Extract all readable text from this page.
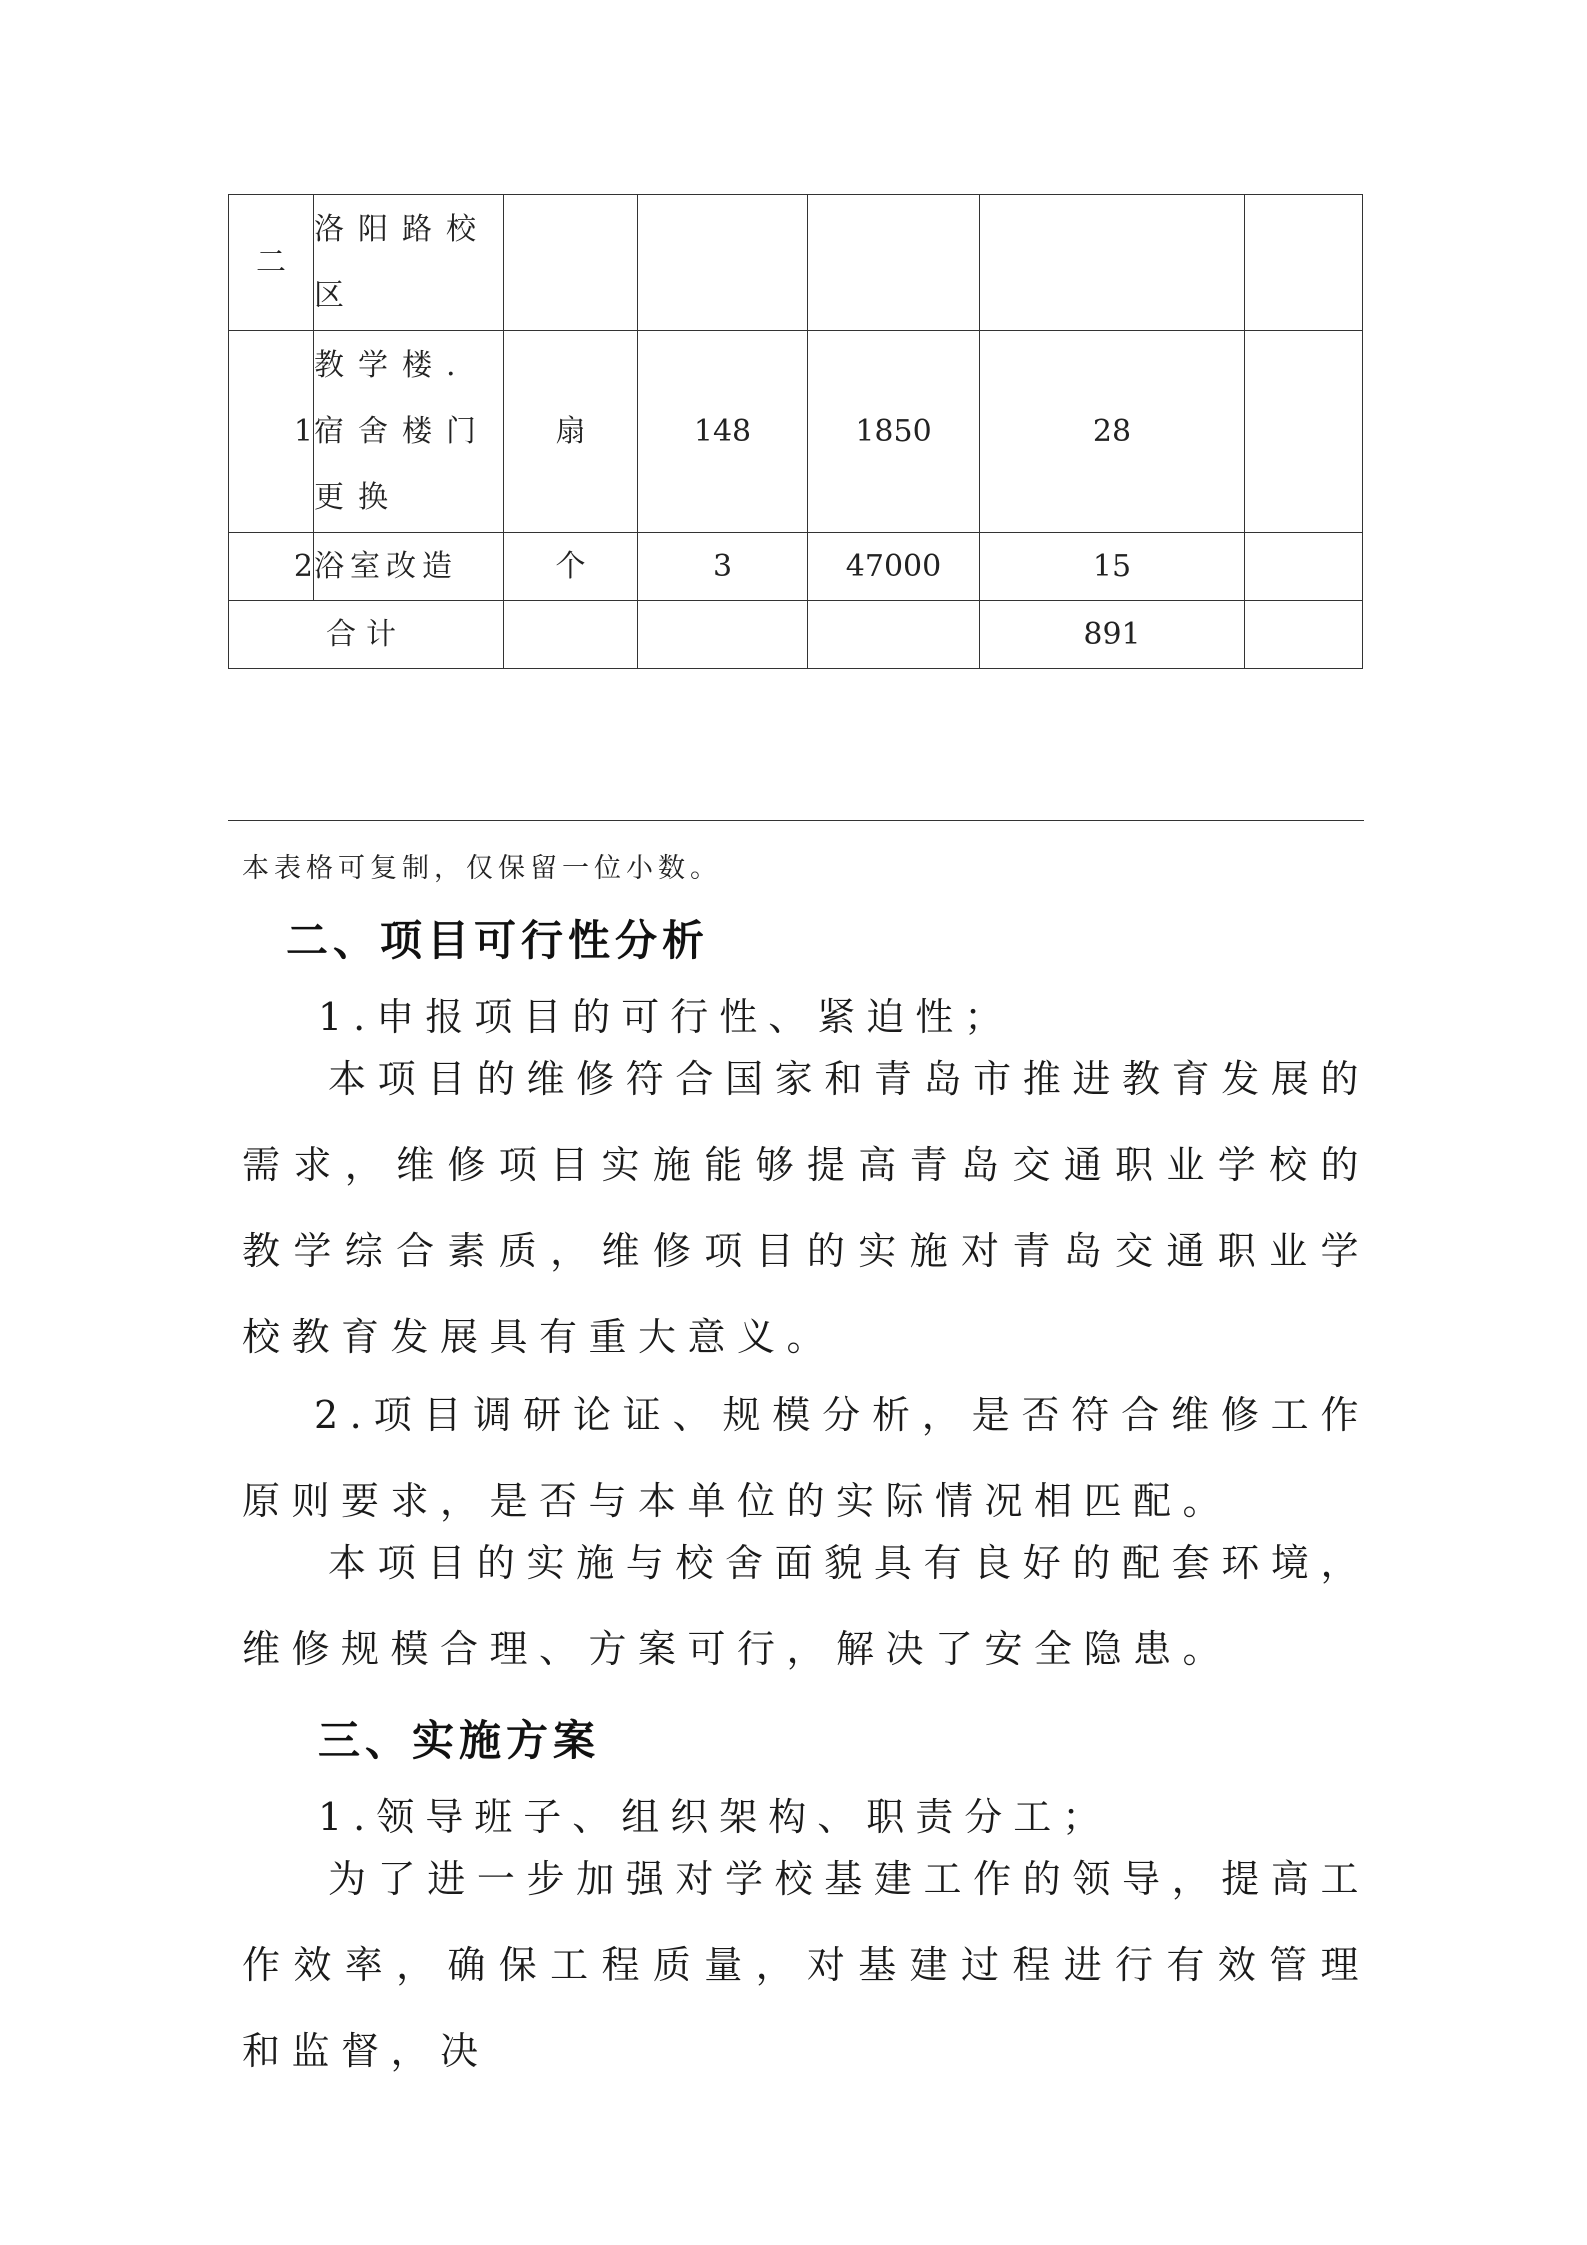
二	洛阳路校区					
1	教学楼.宿舍楼门更换	扇	148	1850	28	
2	浴室改造	个	3	47000	15	
合计					891	
本表格可复制，仅保留一位小数。
二、项目可行性分析
1.申报项目的可行性、紧迫性；
本项目的维修符合国家和青岛市推进教育发展的需求，维修项目实施能够提高青岛交通职业学校的教学综合素质，维修项目的实施对青岛交通职业学校教育发展具有重大意义。
2.项目调研论证、规模分析，是否符合维修工作原则要求，是否与本单位的实际情况相匹配。
本项目的实施与校舍面貌具有良好的配套环境，维修规模合理、方案可行，解决了安全隐患。
三、实施方案
1.领导班子、组织架构、职责分工；
为了进一步加强对学校基建工作的领导，提高工作效率，确保工程质量，对基建过程进行有效管理和监督，决
